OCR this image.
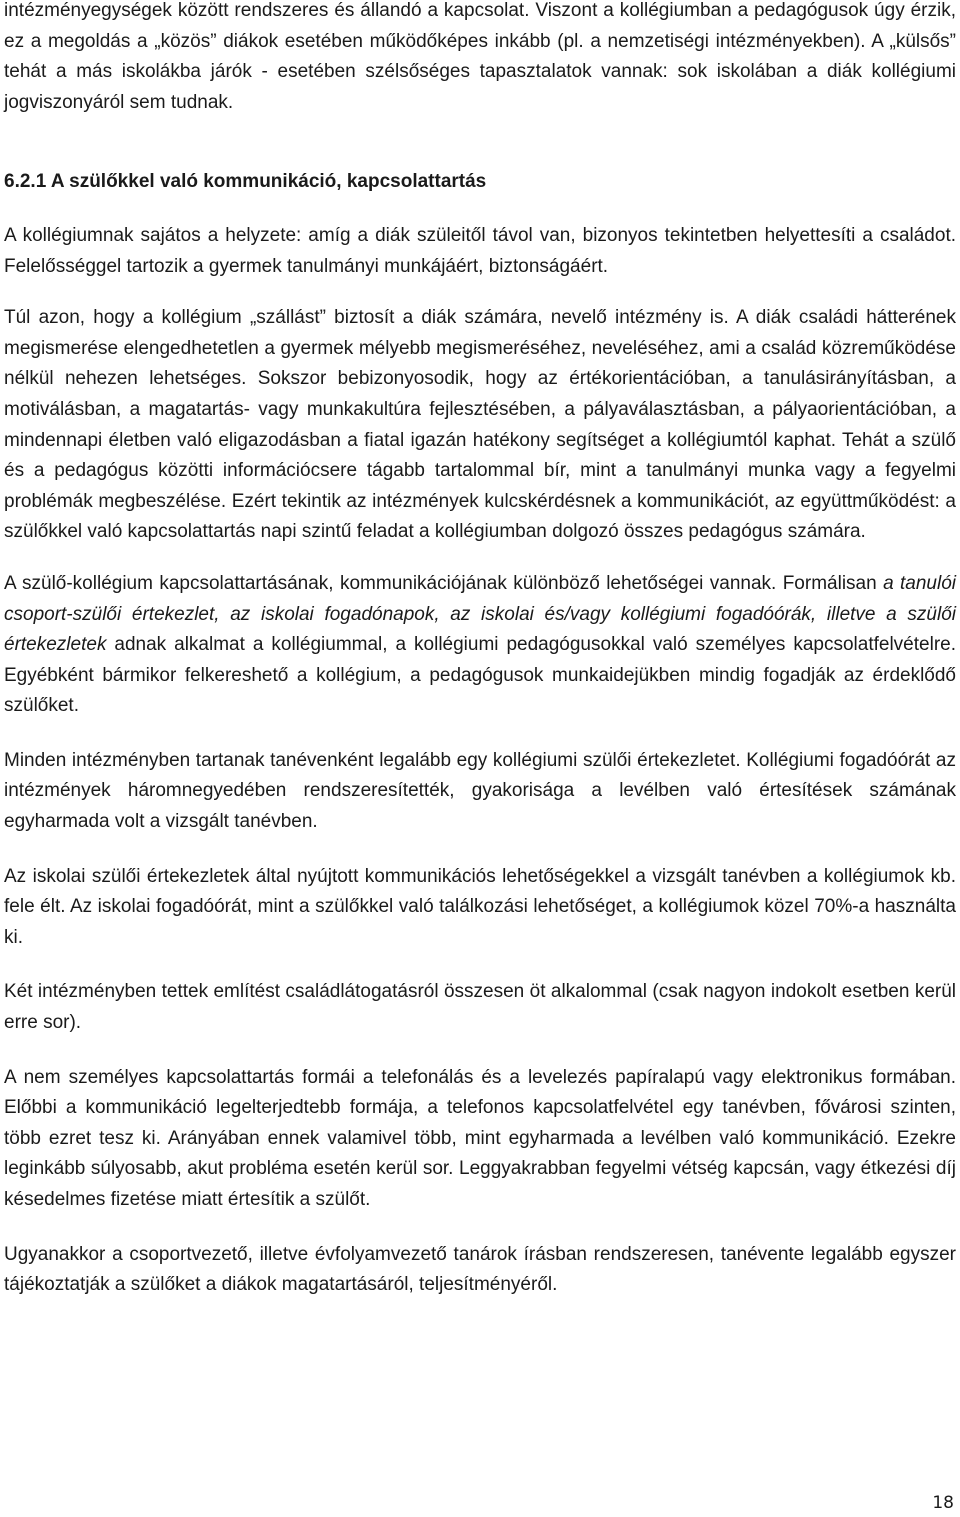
intézményegységek között rendszeres és állandó a kapcsolat. Viszont a kollégiumban a pedagógusok úgy érzik, ez a megoldás a „közös” diákok esetében működőképes inkább (pl. a nemzetiségi intézményekben). A „külsős” tehát a más iskolákba járók - esetében szélsőséges tapasztalatok vannak: sok iskolában a diák kollégiumi jogviszonyáról sem tudnak.

6.2.1 A szülőkkel való kommunikáció, kapcsolattartás

A kollégiumnak sajátos a helyzete: amíg a diák szüleitől távol van, bizonyos tekintetben helyettesíti a családot. Felelősséggel tartozik a gyermek tanulmányi munkájáért, biztonságáért.

Túl azon, hogy a kollégium „szállást” biztosít a diák számára, nevelő intézmény is. A diák családi hátterének megismerése elengedhetetlen a gyermek mélyebb megismeréséhez, neveléséhez, ami a család közreműködése nélkül nehezen lehetséges. Sokszor bebizonyosodik, hogy az értékorientációban, a tanulásirányításban, a motiválásban, a magatartás- vagy munkakultúra fejlesztésében, a pályaválasztásban, a pályaorientációban, a mindennapi életben való eligazodásban a fiatal igazán hatékony segítséget a kollégiumtól kaphat. Tehát a szülő és a pedagógus közötti információcsere tágabb tartalommal bír, mint a tanulmányi munka vagy a fegyelmi problémák megbeszélése. Ezért tekintik az intézmények kulcskérdésnek a kommunikációt, az együttműködést: a szülőkkel való kapcsolattartás napi szintű feladat a kollégiumban dolgozó összes pedagógus számára.

A szülő-kollégium kapcsolattartásának, kommunikációjának különböző lehetőségei vannak. Formálisan a tanulói csoport-szülői értekezlet, az iskolai fogadónapok, az iskolai és/vagy kollégiumi fogadóórák, illetve a szülői értekezletek adnak alkalmat a kollégiummal, a kollégiumi pedagógusokkal való személyes kapcsolatfelvételre. Egyébként bármikor felkereshető a kollégium, a pedagógusok munkaidejükben mindig fogadják az érdeklődő szülőket.

Minden intézményben tartanak tanévenként legalább egy kollégiumi szülői értekezletet. Kollégiumi fogadóórát az intézmények háromnegyedében rendszeresítették, gyakorisága a levélben való értesítések számának egyharmada volt a vizsgált tanévben.

Az iskolai szülői értekezletek által nyújtott kommunikációs lehetőségekkel a vizsgált tanévben a kollégiumok kb. fele élt. Az iskolai fogadóórát, mint a szülőkkel való találkozási lehetőséget, a kollégiumok közel 70%-a használta ki.

Két intézményben tettek említést családlátogatásról összesen öt alkalommal (csak nagyon indokolt esetben kerül erre sor).

A nem személyes kapcsolattartás formái a telefonálás és a levelezés papíralapú vagy elektronikus formában. Előbbi a kommunikáció legelterjedtebb formája, a telefonos kapcsolatfelvétel egy tanévben, fővárosi szinten, több ezret tesz ki. Arányában ennek valamivel több, mint egyharmada a levélben való kommunikáció. Ezekre leginkább súlyosabb, akut probléma esetén kerül sor. Leggyakrabban fegyelmi vétség kapcsán, vagy étkezési díj késedelmes fizetése miatt értesítik a szülőt.

Ugyanakkor a csoportvezető, illetve évfolyamvezető tanárok írásban rendszeresen, tanévente legalább egyszer tájékoztatják a szülőket a diákok magatartásáról, teljesítményéről.

18
